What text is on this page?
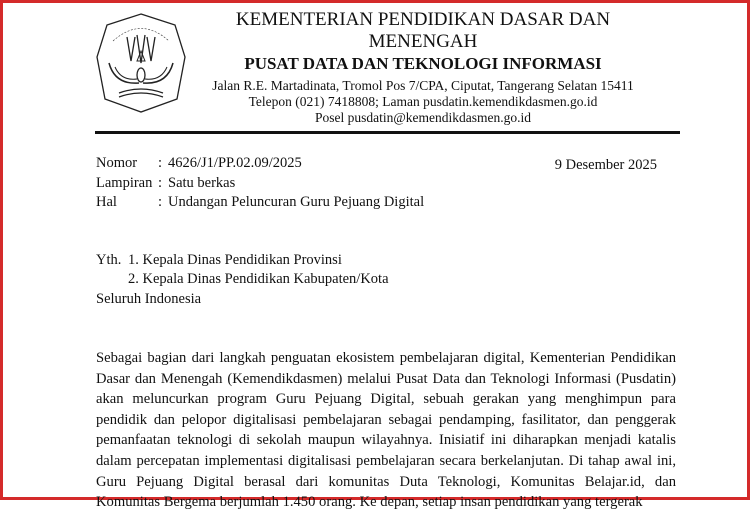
KEMENTERIAN PENDIDIKAN DASAR DAN
MENENGAH
PUSAT DATA DAN TEKNOLOGI INFORMASI
Jalan R.E. Martadinata, Tromol Pos 7/CPA, Ciputat, Tangerang Selatan 15411
Telepon (021) 7418808; Laman pusdatin.kemendikdasmen.go.id
Posel pusdatin@kemendikdasmen.go.id
Nomor : 4626/J1/PP.02.09/2025	9 Desember 2025
Lampiran : Satu berkas
Hal	: Undangan Peluncuran Guru Pejuang Digital
Yth. 1. Kepala Dinas Pendidikan Provinsi
2. Kepala Dinas Pendidikan Kabupaten/Kota
Seluruh Indonesia
Sebagai bagian dari langkah penguatan ekosistem pembelajaran digital, Kementerian Pendidikan Dasar dan Menengah (Kemendikdasmen) melalui Pusat Data dan Teknologi Informasi (Pusdatin) akan meluncurkan program Guru Pejuang Digital, sebuah gerakan yang menghimpun para pendidik dan pelopor digitalisasi pembelajaran sebagai pendamping, fasilitator, dan penggerak pemanfaatan teknologi di sekolah maupun wilayahnya. Inisiatif ini diharapkan menjadi katalis dalam percepatan implementasi digitalisasi pembelajaran secara berkelanjutan. Di tahap awal ini, Guru Pejuang Digital berasal dari komunitas Duta Teknologi, Komunitas Belajar.id, dan Komunitas Bergema berjumlah 1.450 orang. Ke depan, setiap insan pendidikan yang tergerak
